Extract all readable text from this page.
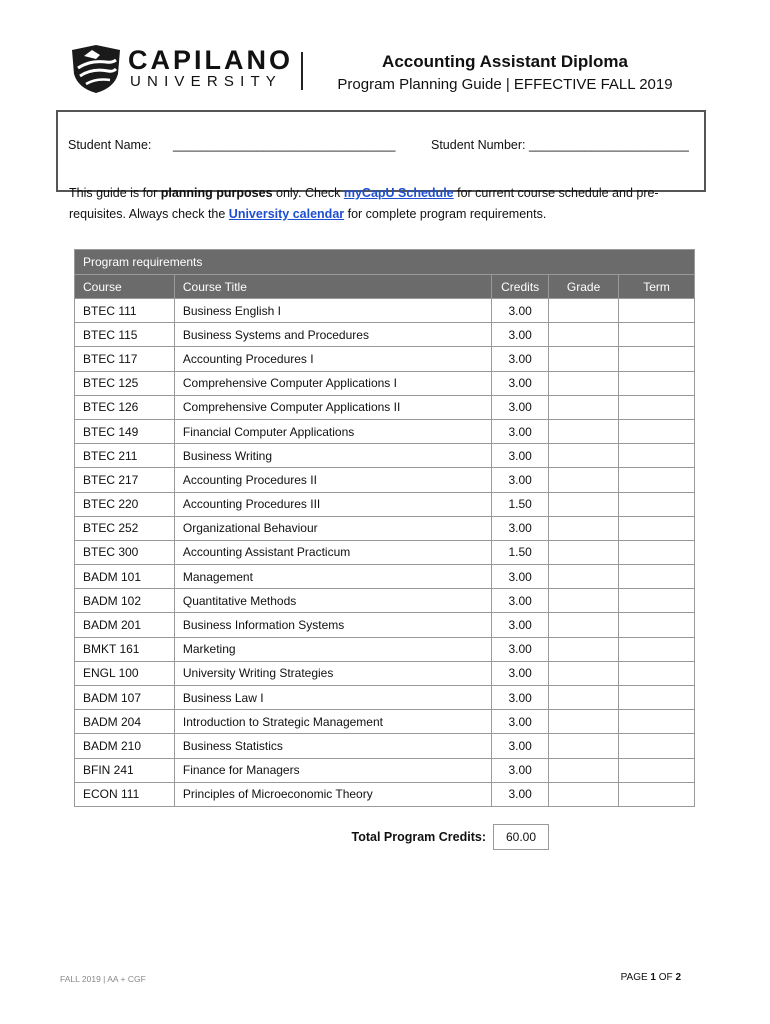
CAPILANO
UNIVERSITY
Accounting Assistant Diploma
Program Planning Guide | EFFECTIVE FALL 2019
Student Name: ________________________________	Student Number: _______________________
This guide is for planning purposes only. Check myCapU Schedule for current course schedule and pre-requisites. Always check the University calendar for complete program requirements.
Program requirements				
Course	Course Title	Credits	Grade	Term
BTEC 111	Business English I	3.00		
BTEC 115	Business Systems and Procedures	3.00		
BTEC 117	Accounting Procedures I	3.00		
BTEC 125	Comprehensive Computer Applications I	3.00		
BTEC 126	Comprehensive Computer Applications II	3.00		
BTEC 149	Financial Computer Applications	3.00		
BTEC 211	Business Writing	3.00		
BTEC 217	Accounting Procedures II	3.00		
BTEC 220	Accounting Procedures III	1.50		
BTEC 252	Organizational Behaviour	3.00		
BTEC 300	Accounting Assistant Practicum	1.50		
BADM 101	Management	3.00		
BADM 102	Quantitative Methods	3.00		
BADM 201	Business Information Systems	3.00		
BMKT 161	Marketing	3.00		
ENGL 100	University Writing Strategies	3.00		
BADM 107	Business Law I	3.00		
BADM 204	Introduction to Strategic Management	3.00		
BADM 210	Business Statistics	3.00		
BFIN 241	Finance for Managers	3.00		
ECON 111	Principles of Microeconomic Theory	3.00		
Total Program Credits:	60.00
FALL 2019 | AA + CGF	PAGE 1 OF 2
